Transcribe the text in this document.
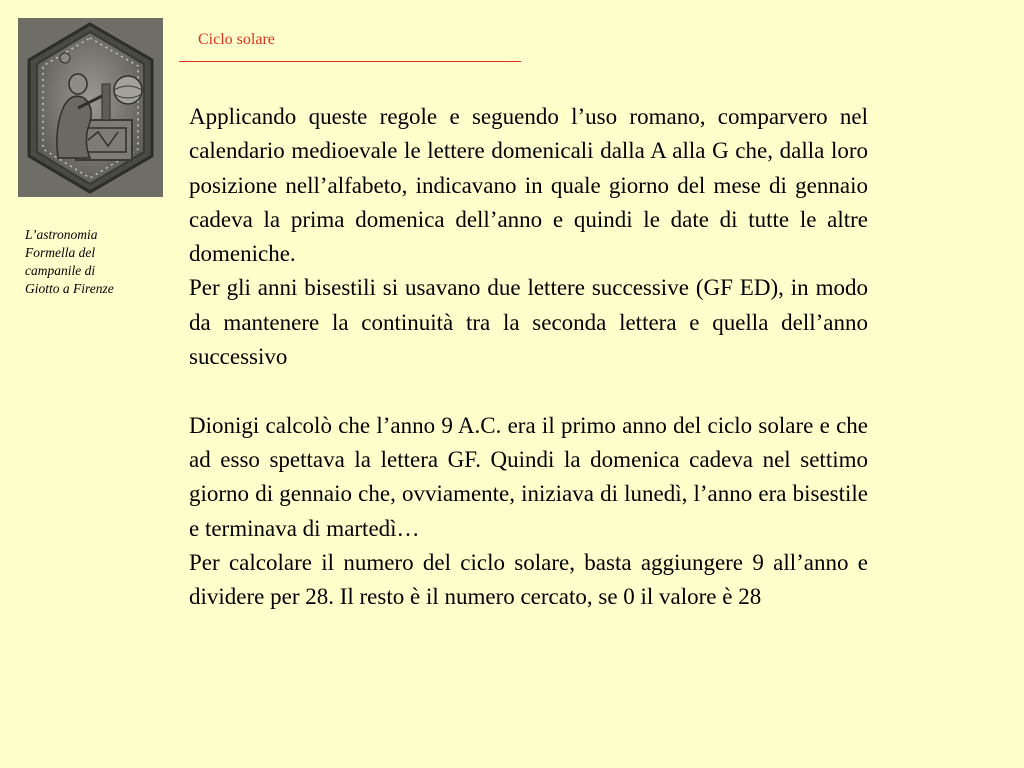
L’astronomia
Formella del
campanile di
Giotto a Firenze
Ciclo solare

Applicando queste regole e seguendo l’uso romano, comparvero nel calendario medioevale le lettere domenicali dalla A alla G che, dalla loro posizione nell’alfabeto, indicavano in quale giorno del mese di gennaio cadeva la prima domenica dell’anno e quindi le date di tutte le altre domeniche.

Per gli anni bisestili si usavano due lettere successive (GF ED), in modo da mantenere la continuità tra la seconda lettera e quella dell’anno successivo

Dionigi calcolò che l’anno 9 A.C. era il primo anno del ciclo solare e che ad esso spettava la lettera GF. Quindi la domenica cadeva nel settimo giorno di gennaio che, ovviamente, iniziava di lunedì, l’anno era bisestile e terminava di martedì…

Per calcolare il numero del ciclo solare, basta aggiungere 9 all’anno e dividere per 28. Il resto è il numero cercato, se 0 il valore è 28
